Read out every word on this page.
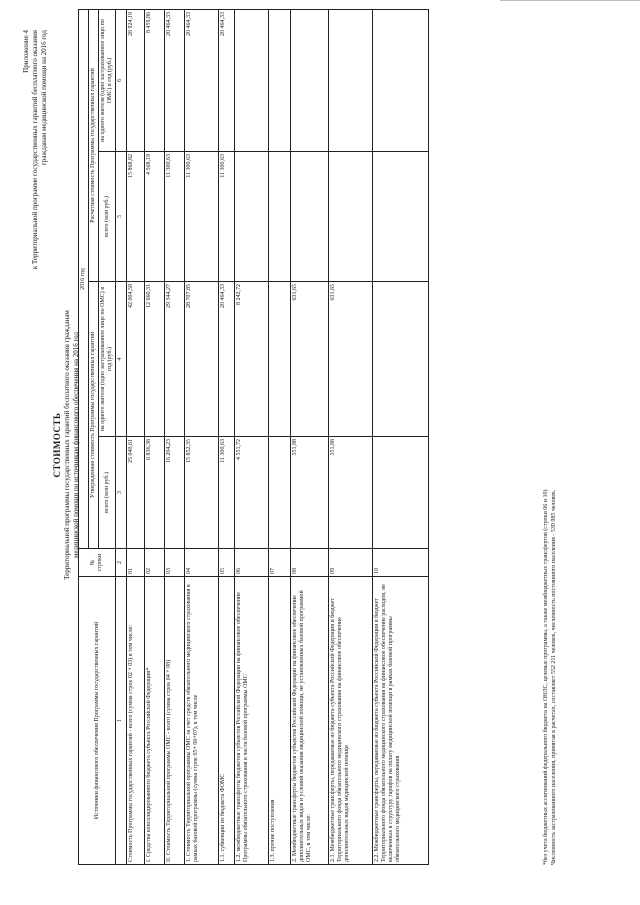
Приложение 4 к Территориальной программе государственных гарантий бесплатного оказания гражданам медицинской помощи на 2016 год
СТОИМОСТЬ Территориальной программы государственных гарантий бесплатного оказания гражданам медицинской помощи по источникам финансового обеспечения на 2016 год
Источники финансового обеспечения Программы государственных гарантий	№ строки	2016 год			
		Утвержденная стоимость Программы государственных гарантий		Расчетная стоимость Программы государственных гарантий	
		всего (млн руб.)	на одного жителя (одно застрахованное лицо по ОМС) в год (руб.)	всего (млн руб.)	на одного жителя (одно застрахованное лицо по ОМС) в год (руб.)
1	2	3	4	5	6
Стоимость Программы государственных гарантий - всего (сумма строк 02 + 03) в том числе:	01	25 040,61	42 004,58	15 868,82	28 924,19
I. Средства консолидированного бюджета субъекта Российской Федерации*	02	6 836,38	12 660,31	4 568,19	8 459,86
II. Стоимость Территориальной программы ОМС - всего (сумма строк 04 + 08)	03	16 204,23	29 344,27	11 300,63	20 464,33
1. Стоимость Территориальной программы ОМС за счет средств обязательного медицинского страхования в рамках базовой программы (сумма строк 05+ 06+07), в том числе	04	15 852,35	28 707,85	11 300,63	20 464,33
1.1. субвенции из бюджета ФОМС	05	11 300,63	20 464,33	11 300,63	20 464,33
1.2. межбюджетные трансферты бюджетов субъектов Российской Федерации на финансовое обеспечение Программы обязательного страхования в части базовой программы ОМС	06	4 551,72	8 242,72		
1.3. прочие поступления	07				
2. Межбюджетные трансферты бюджетов субъектов Российской Федерации на финансовое обеспечение дополнительных видов и условий оказания медицинской помощи, не установленных базовой программой ОМС, в том числе:	08	351,88	631,65		
2.1. Межбюджетные трансферты, передаваемые из бюджета субъекта Российской Федерации в бюджет Территориального фонда обязательного медицинского страхования на финансовое обеспечение дополнительных видов медицинской помощи	09	351,88	631,65		
2.2. Межбюджетные трансферты, передаваемые из бюджета субъекта Российской Федерации в бюджет Территориального фонда обязательного медицинского страхования на финансовое обеспечение расходов, не включенных в структуру тарифов на оплату медицинской помощи в рамках базовой программы обязательного медицинского страхования	10					*без учета бюджетных ассигнований федерального бюджета на ОНЛС, целевые программы, а также межбюджетных трансфертов (строки 06 и 10) Численность застрахованного населения, принятая в расчетах, составляет 552 211 человек, численность постоянного населения - 539 985 человек.
